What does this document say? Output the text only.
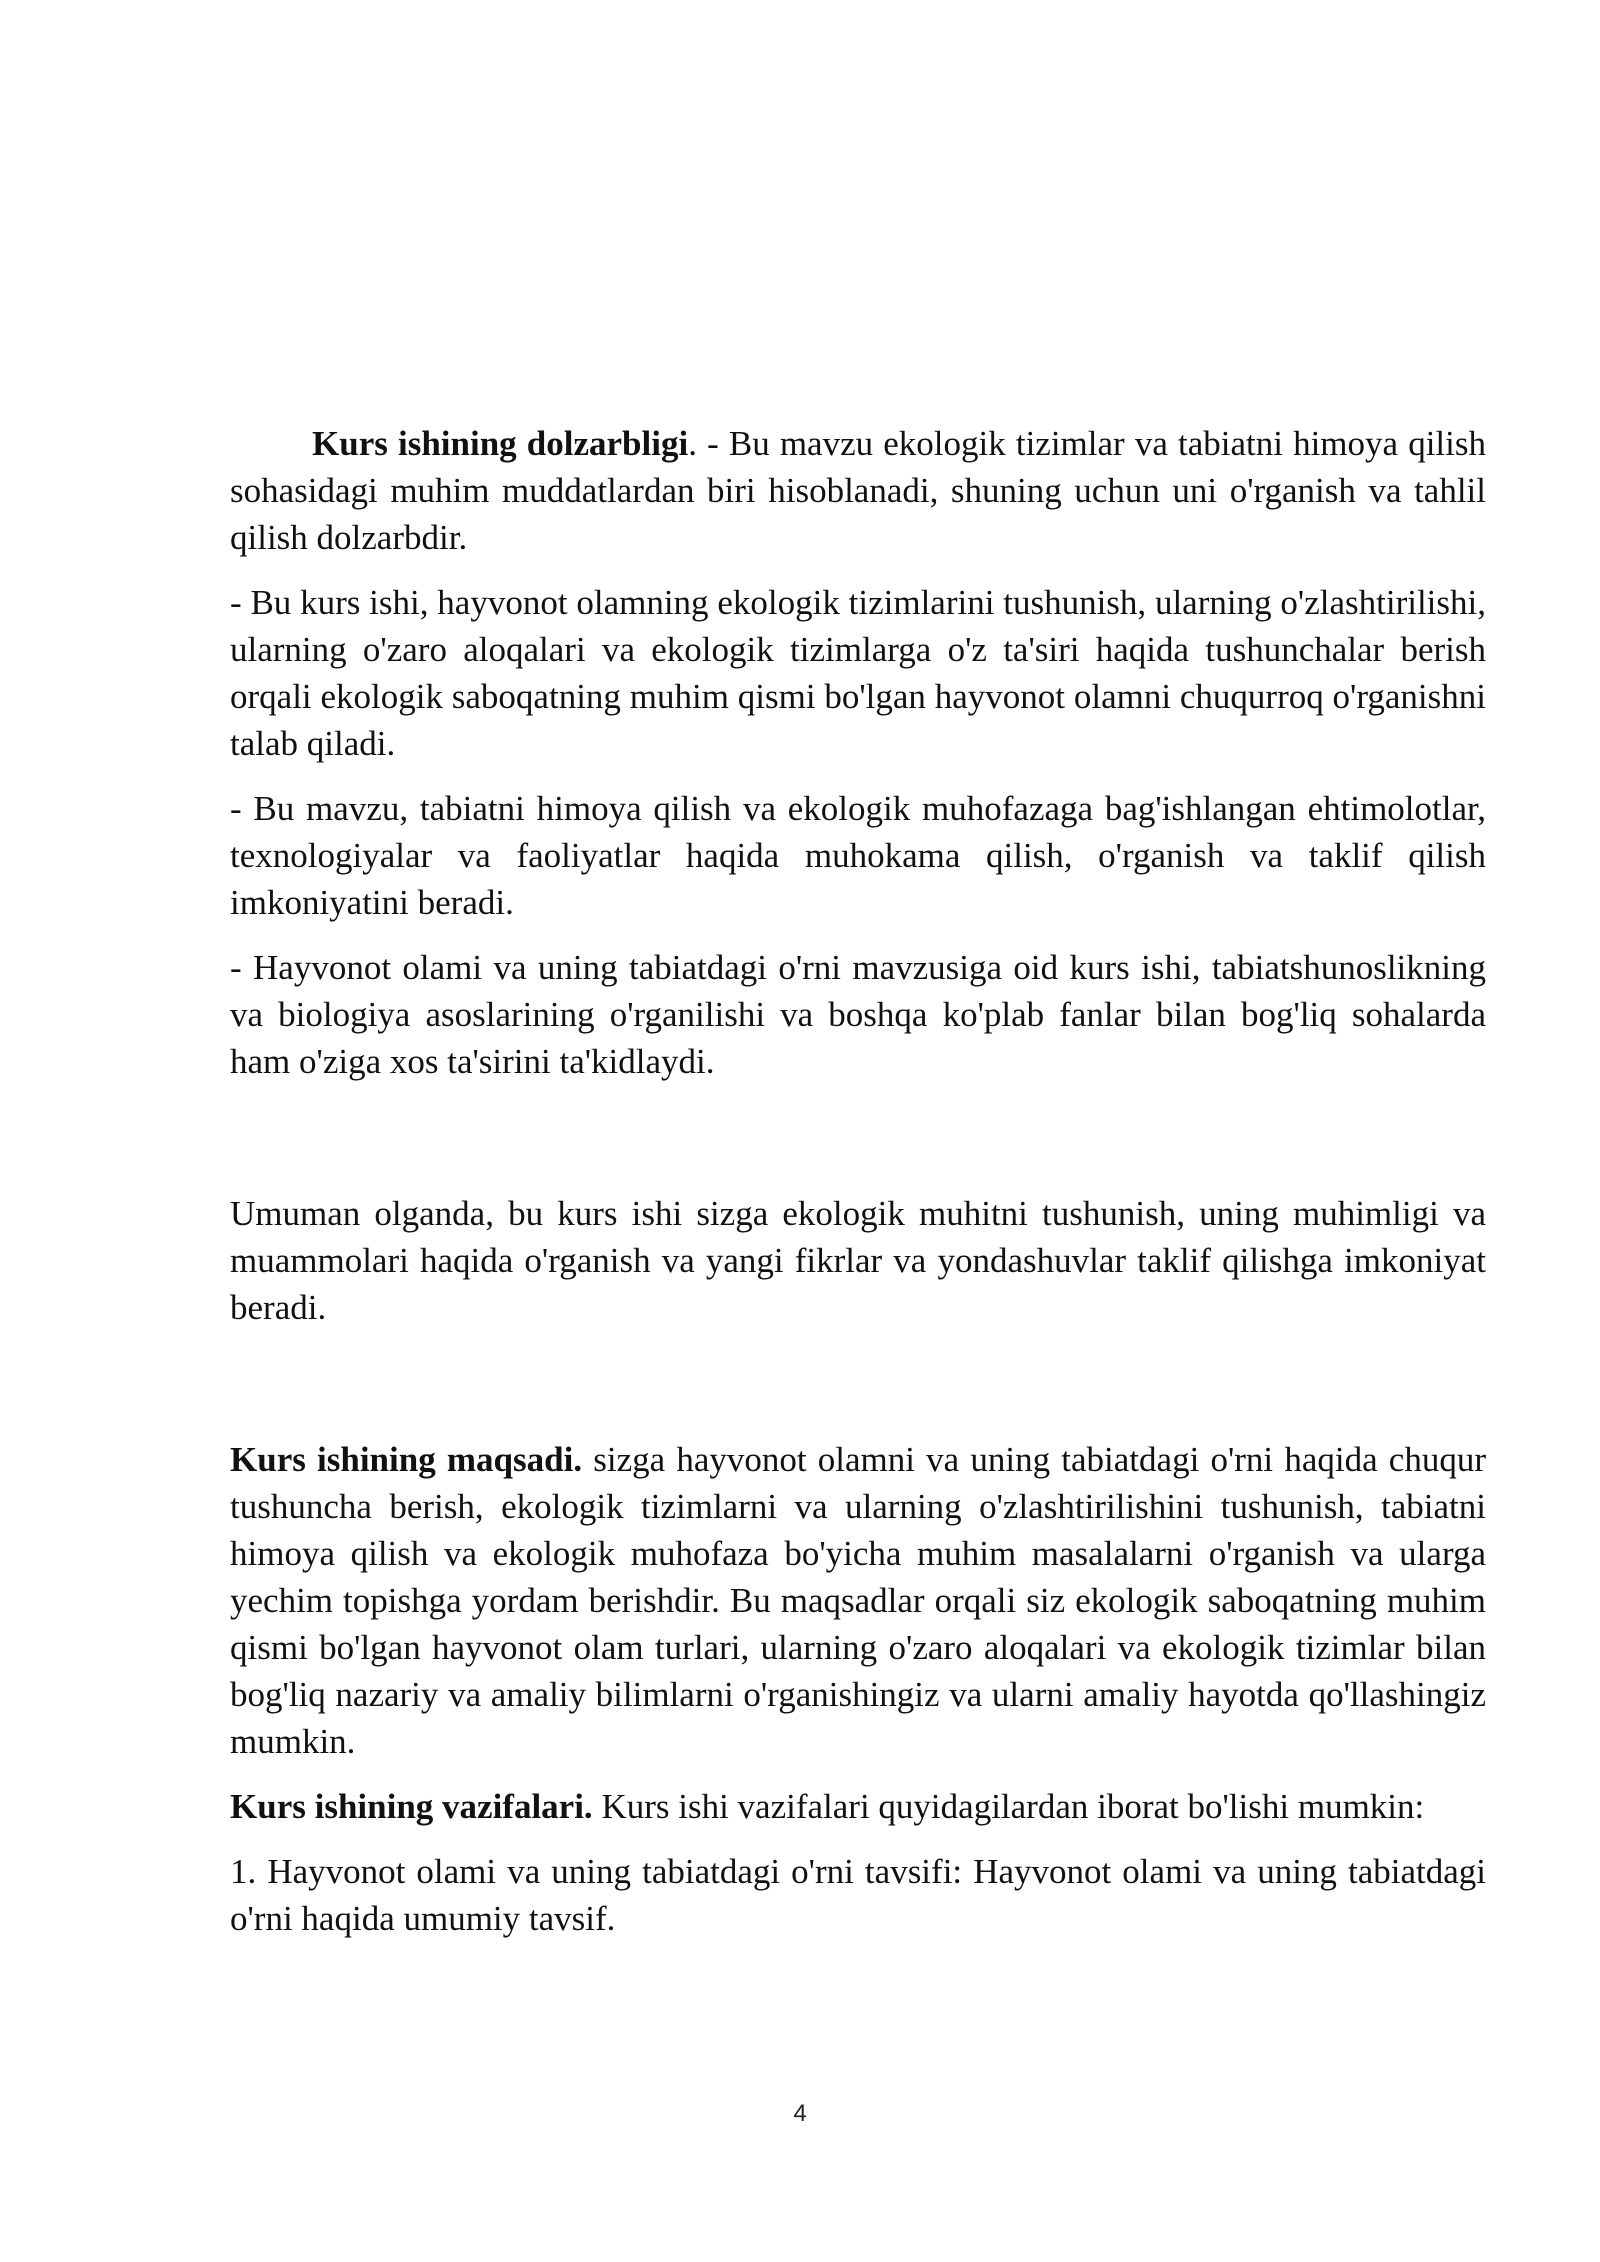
Kurs ishining dolzarbligi. - Bu mavzu ekologik tizimlar va tabiatni himoya qilish sohasidagi muhim muddatlardan biri hisoblanadi, shuning uchun uni o'rganish va tahlil qilish dolzarbdir.

- Bu kurs ishi, hayvonot olamning ekologik tizimlarini tushunish, ularning o'zlashtirilishi, ularning o'zaro aloqalari va ekologik tizimlarga o'z ta'siri haqida tushunchalar berish orqali ekologik saboqatning muhim qismi bo'lgan hayvonot olamni chuqurroq o'rganishni talab qiladi.

- Bu mavzu, tabiatni himoya qilish va ekologik muhofazaga bag'ishlangan ehtimolotlar, texnologiyalar va faoliyatlar haqida muhokama qilish, o'rganish va taklif qilish imkoniyatini beradi.

- Hayvonot olami va uning tabiatdagi o'rni mavzusiga oid kurs ishi, tabiatshunoslikning va biologiya asoslarining o'rganilishi va boshqa ko'plab fanlar bilan bog'liq sohalarda ham o'ziga xos ta'sirini ta'kidlaydi.

Umuman olganda, bu kurs ishi sizga ekologik muhitni tushunish, uning muhimligi va muammolari haqida o'rganish va yangi fikrlar va yondashuvlar taklif qilishga imkoniyat beradi.

Kurs ishining maqsadi. sizga hayvonot olamni va uning tabiatdagi o'rni haqida chuqur tushuncha berish, ekologik tizimlarni va ularning o'zlashtirilishini tushunish, tabiatni himoya qilish va ekologik muhofaza bo'yicha muhim masalalarni o'rganish va ularga yechim topishga yordam berishdir. Bu maqsadlar orqali siz ekologik saboqatning muhim qismi bo'lgan hayvonot olam turlari, ularning o'zaro aloqalari va ekologik tizimlar bilan bog'liq nazariy va amaliy bilimlarni o'rganishingiz va ularni amaliy hayotda qo'llashingiz mumkin.

Kurs ishining vazifalari. Kurs ishi vazifalari quyidagilardan iborat bo'lishi mumkin:

1. Hayvonot olami va uning tabiatdagi o'rni tavsifi: Hayvonot olami va uning tabiatdagi o'rni haqida umumiy tavsif.

4
